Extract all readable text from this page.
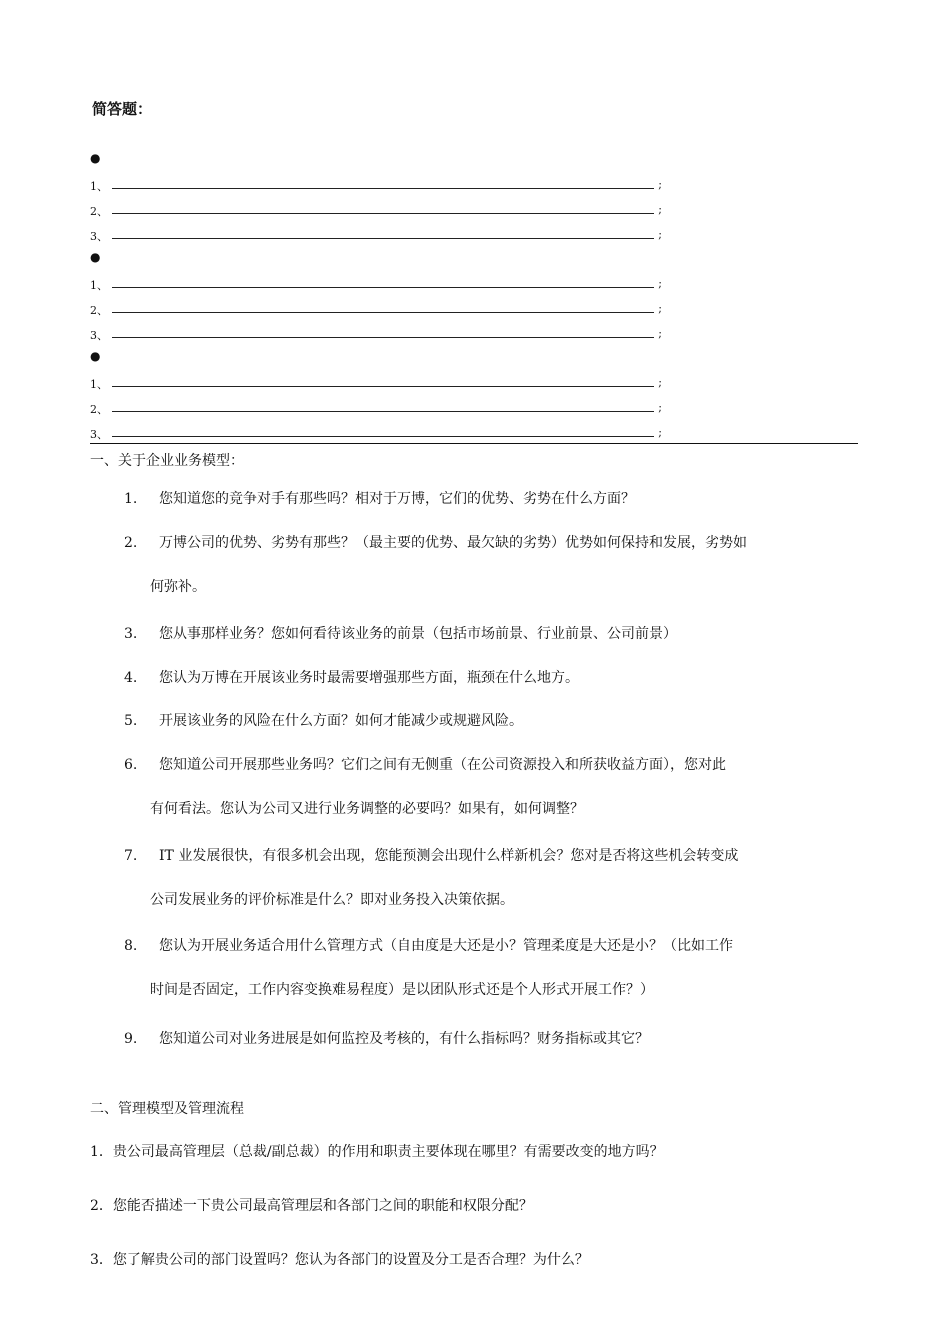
简答题：
●
1、	;
2、	;
3、	;
●
1、	;
2、	;
3、	;
●
1、	;
2、	;
3、	;
一、关于企业业务模型：
1.	您知道您的竞争对手有那些吗？相对于万博，它们的优势、劣势在什么方面？
2.	万博公司的优势、劣势有那些？（最主要的优势、最欠缺的劣势）优势如何保持和发展，劣势如
何弥补。
3.	您从事那样业务？您如何看待该业务的前景（包括市场前景、行业前景、公司前景）
4.	您认为万博在开展该业务时最需要增强那些方面，瓶颈在什么地方。
5.	开展该业务的风险在什么方面？如何才能减少或规避风险。
6.	您知道公司开展那些业务吗？它们之间有无侧重（在公司资源投入和所获收益方面），您对此
有何看法。您认为公司又进行业务调整的必要吗？如果有，如何调整？
7.	IT 业发展很快，有很多机会出现，您能预测会出现什么样新机会？您对是否将这些机会转变成
公司发展业务的评价标准是什么？即对业务投入决策依据。
8.	您认为开展业务适合用什么管理方式（自由度是大还是小？管理柔度是大还是小？（比如工作
时间是否固定，工作内容变换难易程度）是以团队形式还是个人形式开展工作？）
9.	您知道公司对业务进展是如何监控及考核的，有什么指标吗？财务指标或其它？
二、管理模型及管理流程
1．贵公司最高管理层（总裁/副总裁）的作用和职责主要体现在哪里？有需要改变的地方吗？
2．您能否描述一下贵公司最高管理层和各部门之间的职能和权限分配？
3．您了解贵公司的部门设置吗？您认为各部门的设置及分工是否合理？为什么？
